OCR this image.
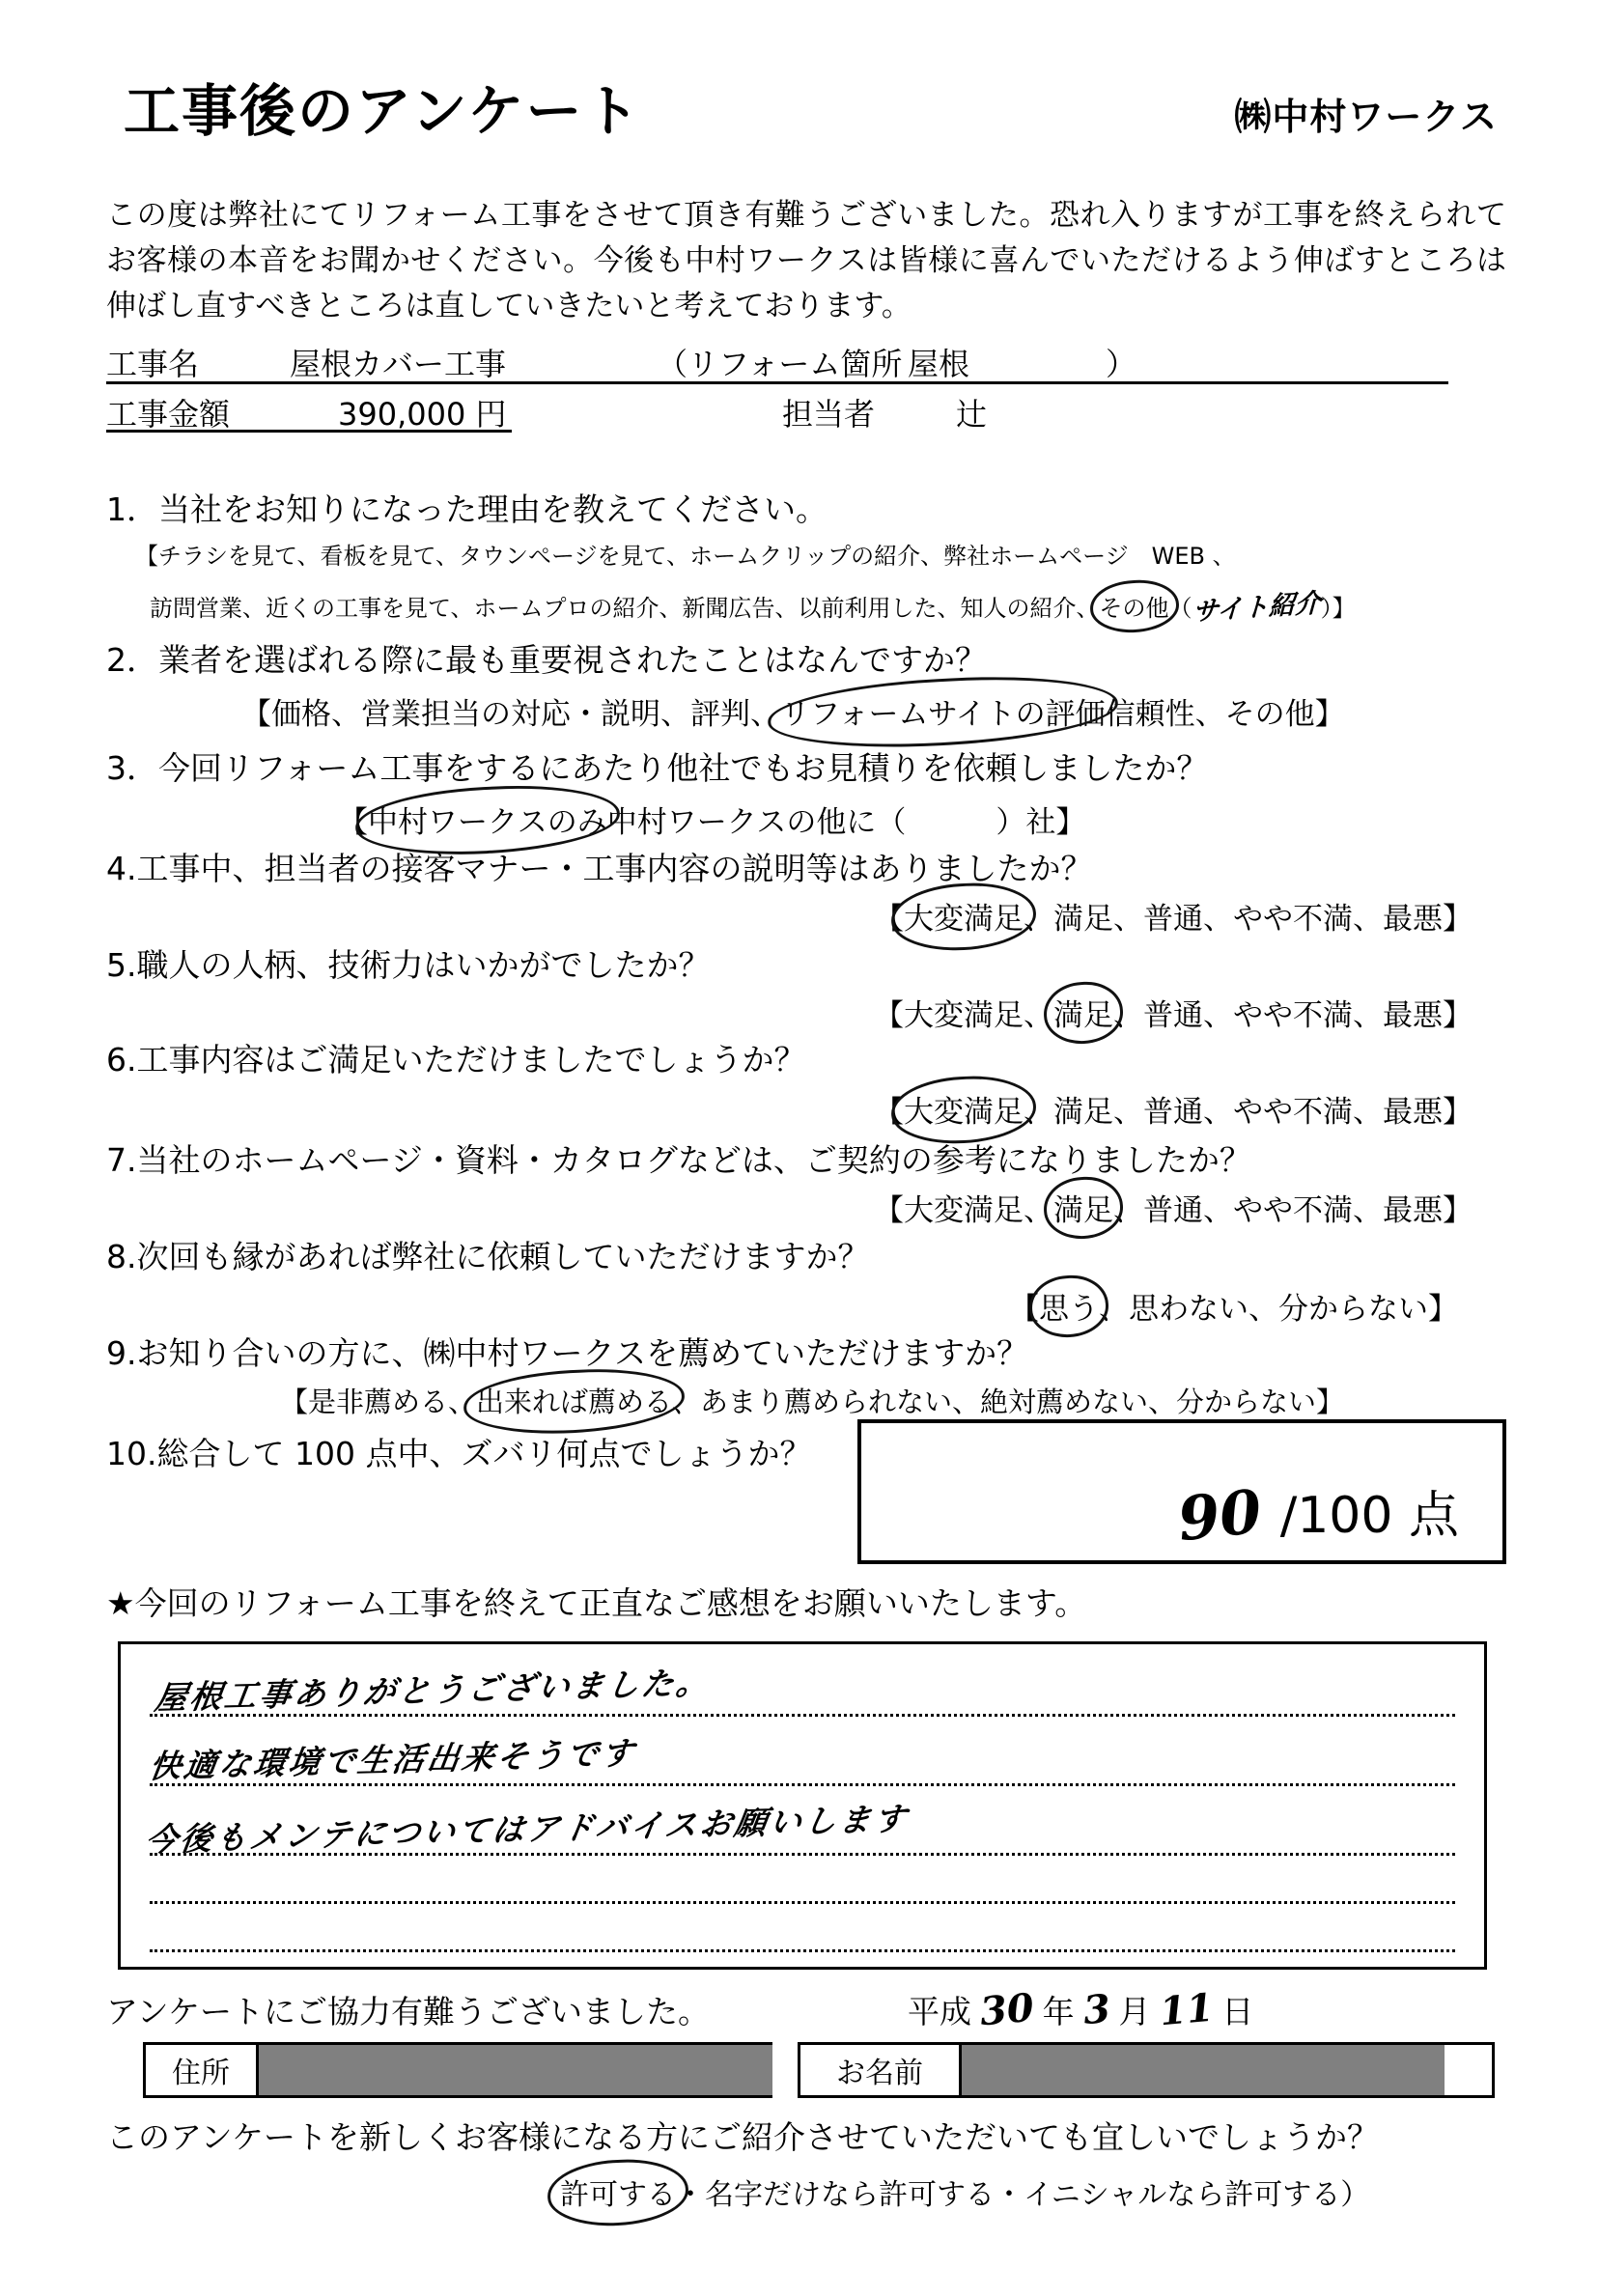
工事後のアンケート	㈱中村ワークス
この度は弊社にてリフォーム工事をさせて頂き有難うございました。恐れ入りますが工事を終えられてお客様の本音をお聞かせください。今後も中村ワークスは皆様に喜んでいただけるよう伸ばすところは伸ばし直すべきところは直していきたいと考えております。
工事名	屋根カバー工事	（リフォーム箇所 屋根	）
工事金額	390,000 円	担当者	辻
1．当社をお知りになった理由を教えてください。
【チラシを見て、看板を見て、タウンページを見て、ホームクリップの紹介、弊社ホームページ　WEB 、
訪問営業、近くの工事を見て、ホームプロの紹介、新聞広告、以前利用した、知人の紹介、その他（サイト紹介）】
2．業者を選ばれる際に最も重要視されたことはなんですか？
【価格、営業担当の対応・説明、評判、リフォームサイトの評価信頼性、その他】
3．今回リフォーム工事をするにあたり他社でもお見積りを依頼しましたか？
【中村ワークスのみ中村ワークスの他に（　　　）社】
4.工事中、担当者の接客マナー・工事内容の説明等はありましたか？
【大変満足、満足、普通、やや不満、最悪】
5.職人の人柄、技術力はいかがでしたか？
【大変満足、満足、普通、やや不満、最悪】
6.工事内容はご満足いただけましたでしょうか？
【大変満足、満足、普通、やや不満、最悪】
7.当社のホームページ・資料・カタログなどは、ご契約の参考になりましたか？
【大変満足、満足、普通、やや不満、最悪】
8.次回も縁があれば弊社に依頼していただけますか？
【思う、思わない、分からない】
9.お知り合いの方に、㈱中村ワークスを薦めていただけますか？
【是非薦める、出来れば薦める、あまり薦められない、絶対薦めない、分からない】
10.総合して 100 点中、ズバリ何点でしょうか？
90 /100 点
★今回のリフォーム工事を終えて正直なご感想をお願いいたします。
屋根工事ありがとうございました。
快適な環境で生活出来そうです
今後もメンテについてはアドバイスお願いします
アンケートにご協力有難うございました。	平成 30 年 3 月 11 日
住所	お名前
このアンケートを新しくお客様になる方にご紹介させていただいても宜しいでしょうか？
許可する・名字だけなら許可する・イニシャルなら許可する）
